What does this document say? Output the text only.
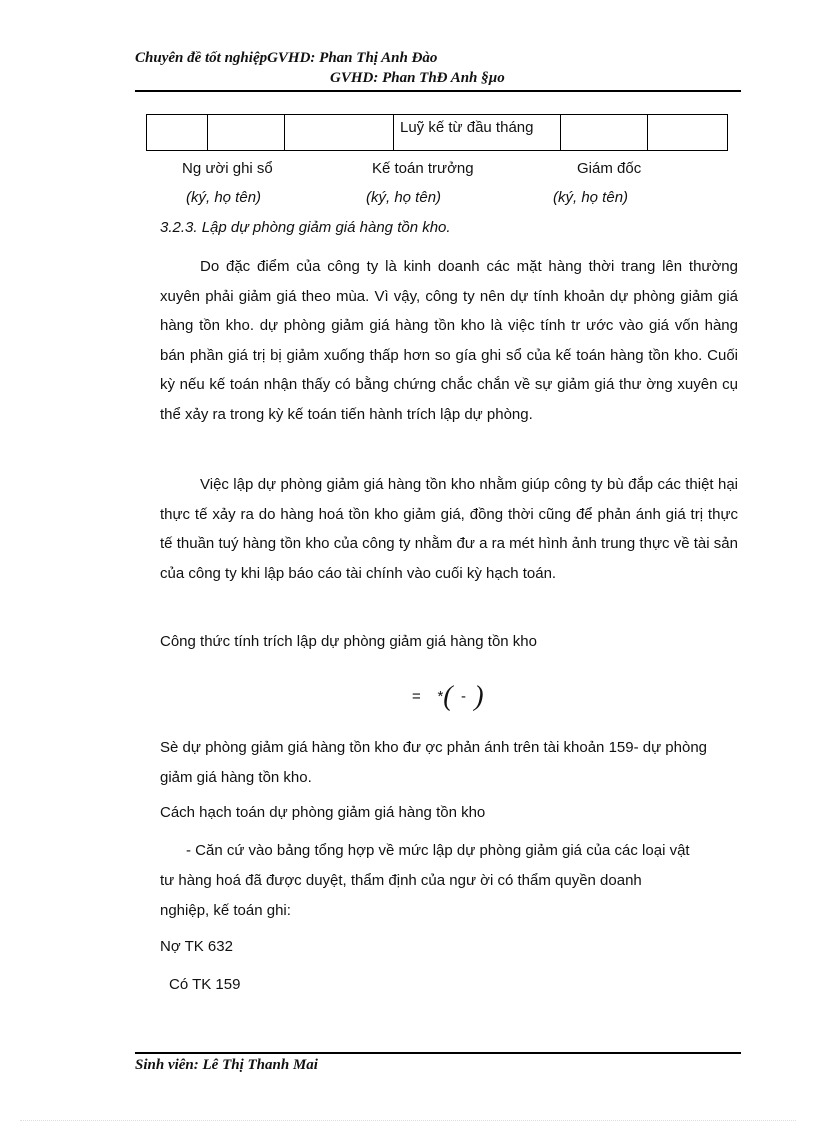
Chuyên đề tốt nghiệpGVHD: Phan Thị Anh Đào
GVHD: Phan ThĐ Anh §µo
Luỹ kế từ đầu tháng
Ng ười ghi sổ	Kế toán trưởng	Giám đốc
(ký, họ tên)	(ký, họ tên)	(ký, họ tên)
3.2.3. Lập dự phòng giảm giá hàng tồn kho.
Do đặc điểm của công ty là kinh doanh các mặt hàng thời trang lên thường xuyên phải giảm giá theo mùa. Vì vậy, công ty nên dự tính khoản dự phòng giảm giá hàng tồn kho. dự phòng giảm giá hàng tồn kho là việc tính tr ước vào giá vốn hàng bán phần giá trị bị giảm xuống thấp hơn so gía ghi sổ của kế toán hàng tồn kho. Cuối kỳ nếu kế toán nhận thấy có bằng chứng chắc chắn về sự giảm giá thư ờng xuyên cụ thể xảy ra trong kỳ kế toán tiến hành trích lập dự phòng.
Việc lập dự phòng giảm giá hàng tồn kho nhằm giúp công ty bù đắp các thiệt hại thực tế xảy ra do hàng hoá tồn kho giảm giá, đồng thời cũng để phản ánh giá trị thực tế thuần tuý hàng tồn kho của công ty nhằm đư a ra mét hình ảnh trung thực về tài sản của công ty khi lập báo cáo tài chính vào cuối kỳ hạch toán.
Công thức tính trích lập dự phòng giảm giá hàng tồn kho
= *( - )
Sè dự phòng giảm giá hàng tồn kho đư ợc phản ánh trên tài khoản 159- dự phòng giảm giá hàng tồn kho.
Cách hạch toán dự phòng giảm giá hàng tồn kho
- Căn cứ vào bảng tổng hợp về mức lập dự phòng giảm giá của các loại vật
tư hàng hoá đã được duyệt, thẩm định của ngư ời có thẩm quyền doanh
nghiệp, kế toán ghi:
Nợ TK 632
Có TK 159
Sinh viên: Lê Thị Thanh Mai
